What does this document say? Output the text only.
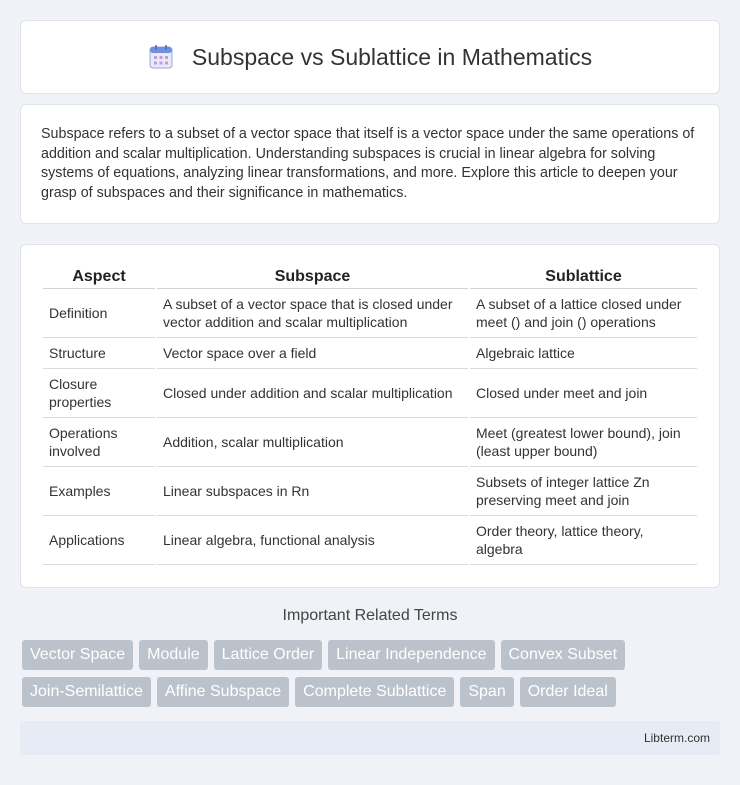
Subspace vs Sublattice in Mathematics

Subspace refers to a subset of a vector space that itself is a vector space under the same operations of addition and scalar multiplication. Understanding subspaces is crucial in linear algebra for solving systems of equations, analyzing linear transformations, and more. Explore this article to deepen your grasp of subspaces and their significance in mathematics.

Aspect	Subspace	Sublattice
Definition	A subset of a vector space that is closed under vector addition and scalar multiplication	A subset of a lattice closed under meet () and join () operations
Structure	Vector space over a field	Algebraic lattice
Closure properties	Closed under addition and scalar multiplication	Closed under meet and join
Operations involved	Addition, scalar multiplication	Meet (greatest lower bound), join (least upper bound)
Examples	Linear subspaces in Rn	Subsets of integer lattice Zn preserving meet and join
Applications	Linear algebra, functional analysis	Order theory, lattice theory, algebra
Important Related Terms
Vector Space	Module	Lattice Order	Linear Independence	Convex Subset
Join-Semilattice	Affine Subspace	Complete Sublattice	Span	Order Ideal
Libterm.com
